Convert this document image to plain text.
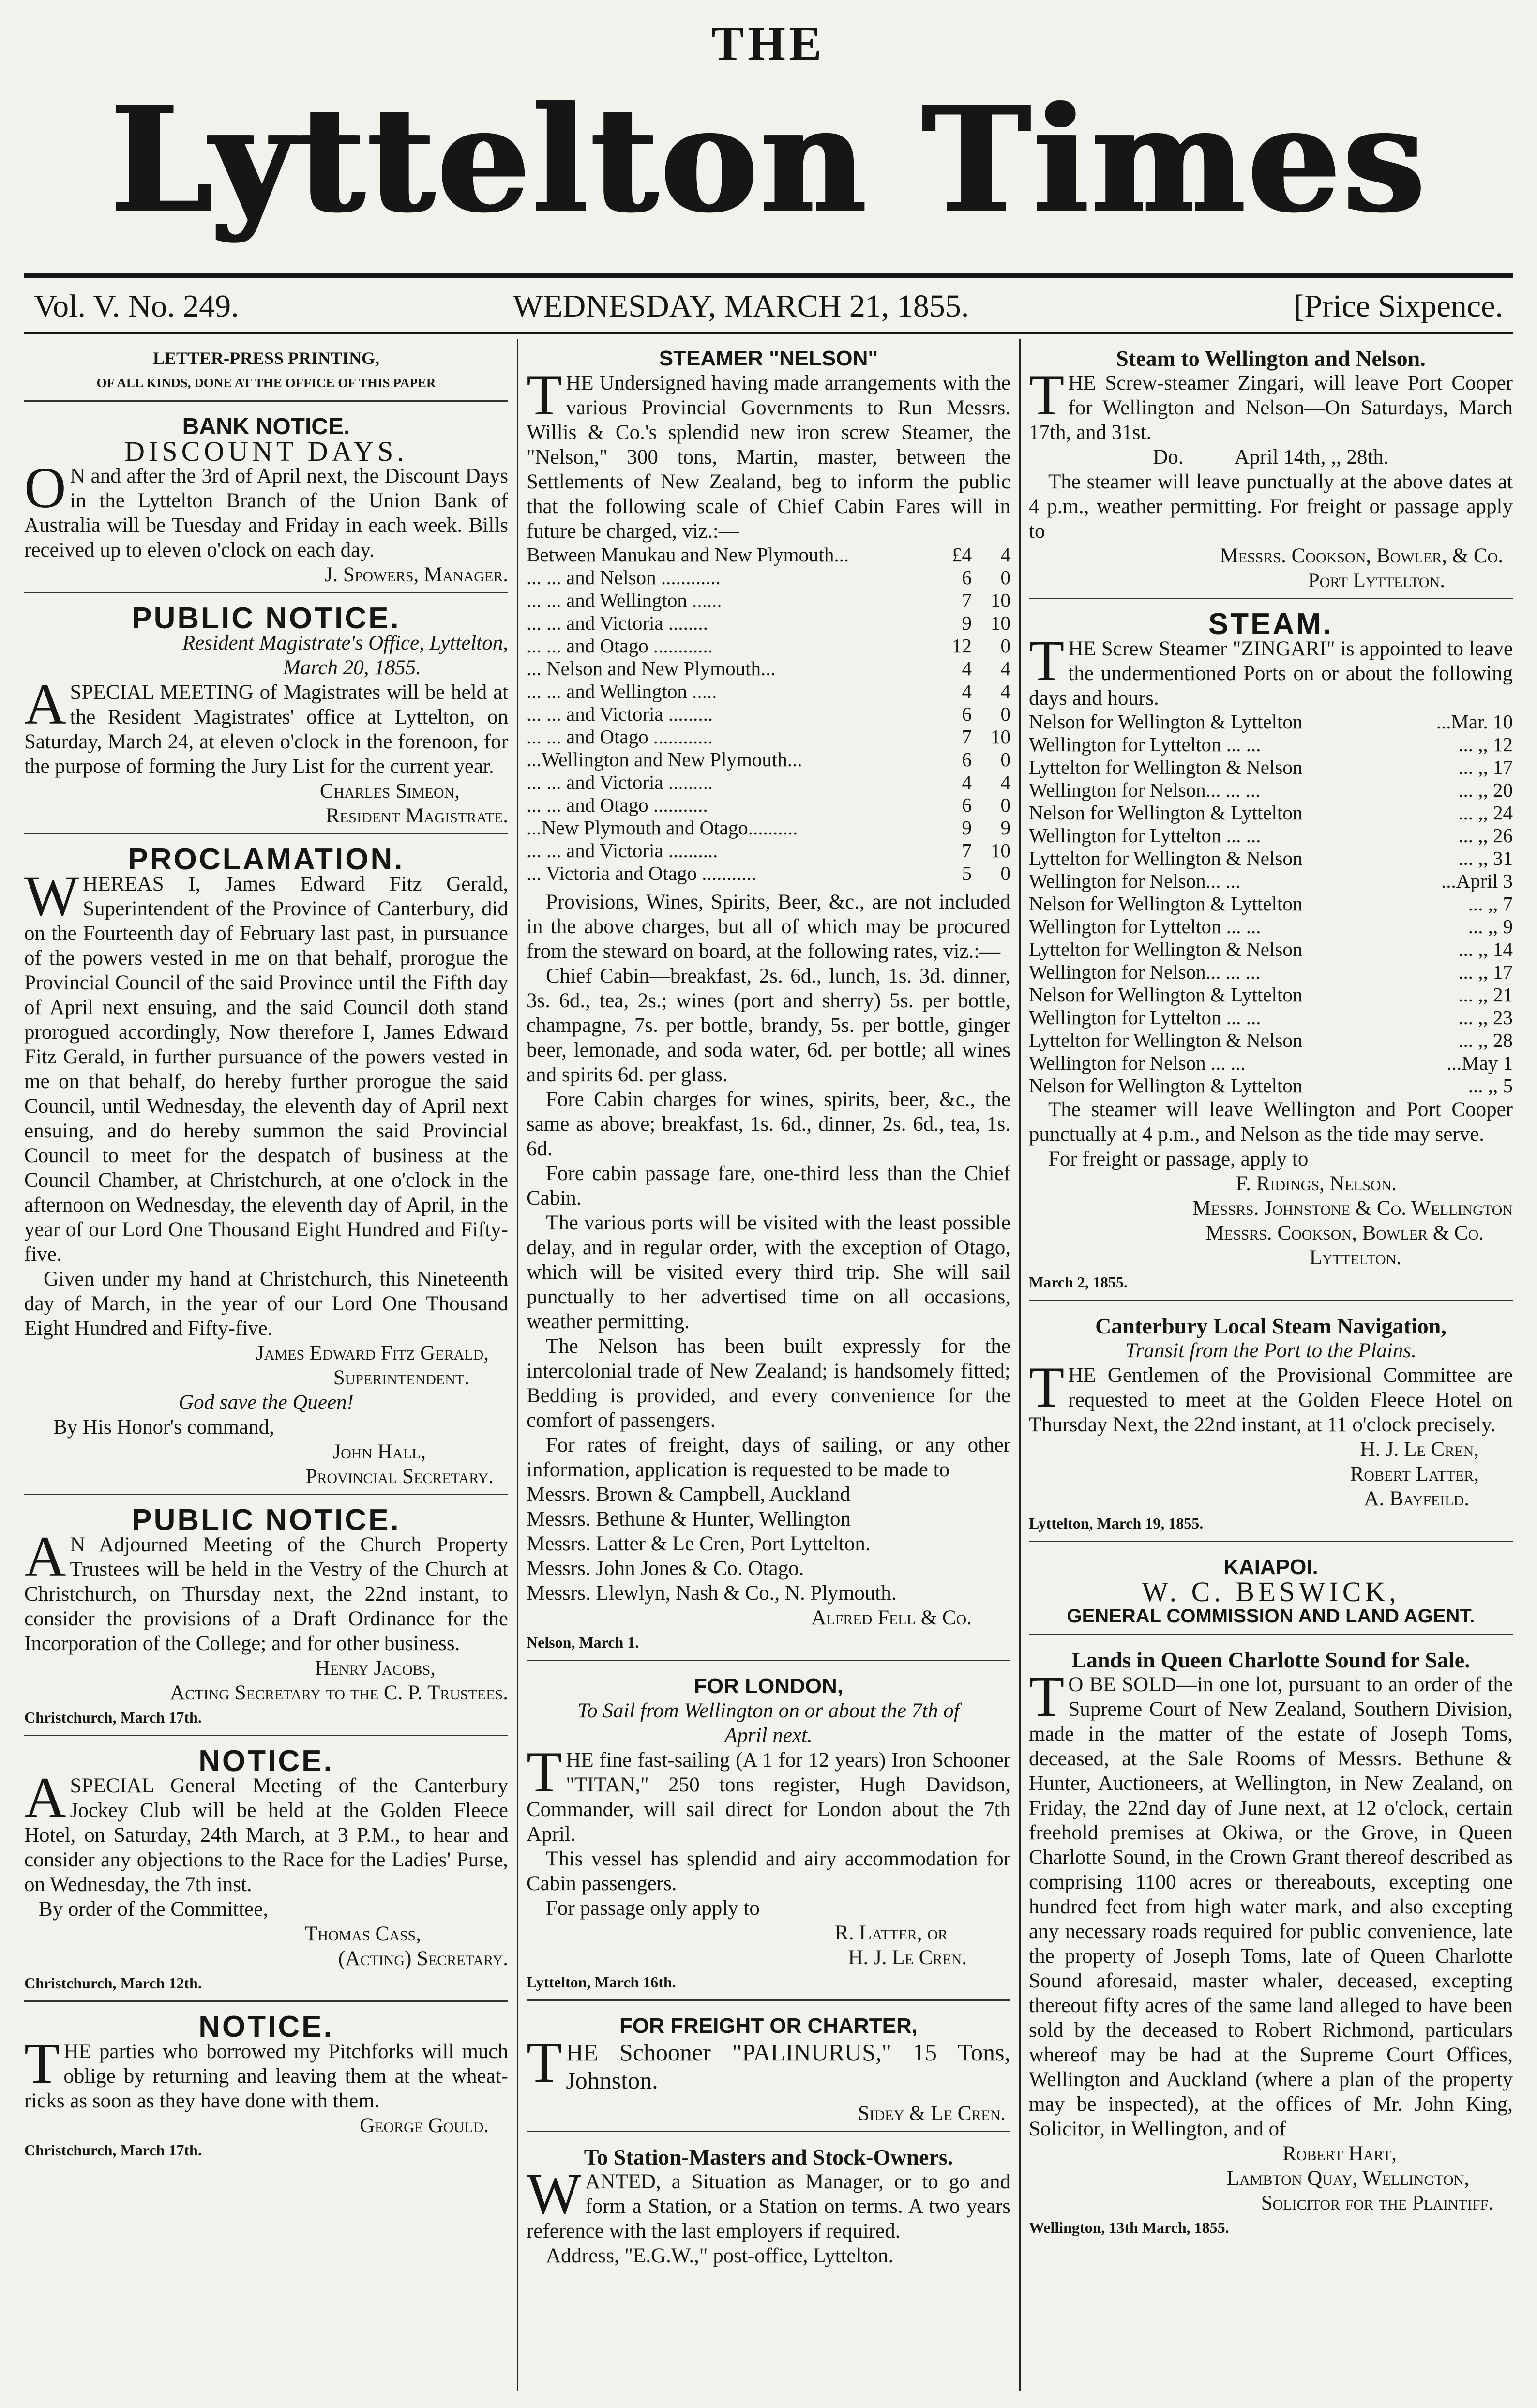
THE
Lyttelton Times
Vol. V. No. 249.	WEDNESDAY, MARCH 21, 1855.	[Price Sixpence.
LETTER-PRESS PRINTING,
OF ALL KINDS, DONE AT THE OFFICE OF THIS PAPER
BANK NOTICE.
DISCOUNT DAYS.

ON and after the 3rd of April next, the Discount Days in the Lyttelton Branch of the Union Bank of Australia will be Tuesday and Friday in each week. Bills received up to eleven o'clock on each day.

J. Spowers, Manager.
PUBLIC NOTICE.
Resident Magistrate's Office, Lyttelton,
March 20, 1855.

ASPECIAL MEETING of Magistrates will be held at the Resident Magistrates' office at Lyttelton, on Saturday, March 24, at eleven o'clock in the forenoon, for the purpose of forming the Jury List for the current year.

Charles Simeon,
Resident Magistrate.
PROCLAMATION.

WHEREAS I, James Edward Fitz Gerald, Superintendent of the Province of Canterbury, did on the Fourteenth day of February last past, in pursuance of the powers vested in me on that behalf, prorogue the Provincial Council of the said Province until the Fifth day of April next ensuing, and the said Council doth stand prorogued accordingly, Now therefore I, James Edward Fitz Gerald, in further pursuance of the powers vested in me on that behalf, do hereby further prorogue the said Council, until Wednesday, the eleventh day of April next ensuing, and do hereby summon the said Provincial Council to meet for the despatch of business at the Council Chamber, at Christchurch, at one o'clock in the afternoon on Wednesday, the eleventh day of April, in the year of our Lord One Thousand Eight Hundred and Fifty-five.

Given under my hand at Christchurch, this Nineteenth day of March, in the year of our Lord One Thousand Eight Hundred and Fifty-five.

James Edward Fitz Gerald,
Superintendent.
God save the Queen!
By His Honor's command,
John Hall,
Provincial Secretary.
PUBLIC NOTICE.

AN Adjourned Meeting of the Church Property Trustees will be held in the Vestry of the Church at Christchurch, on Thursday next, the 22nd instant, to consider the provisions of a Draft Ordinance for the Incorporation of the College; and for other business.

Henry Jacobs,
Acting Secretary to the C. P. Trustees.
Christchurch, March 17th.
NOTICE.

ASPECIAL General Meeting of the Canterbury Jockey Club will be held at the Golden Fleece Hotel, on Saturday, 24th March, at 3 P.M., to hear and consider any objections to the Race for the Ladies' Purse, on Wednesday, the 7th inst.

By order of the Committee,
Thomas Cass,
(Acting) Secretary.
Christchurch, March 12th.
NOTICE.

THE parties who borrowed my Pitchforks will much oblige by returning and leaving them at the wheat-ricks as soon as they have done with them.

George Gould.
Christchurch, March 17th.
STEAMER "NELSON"

THE Undersigned having made arrangements with the various Provincial Governments to Run Messrs. Willis & Co.'s splendid new iron screw Steamer, the "Nelson," 300 tons, Martin, master, between the Settlements of New Zealand, beg to inform the public that the following scale of Chief Cabin Fares will in future be charged, viz.:—

Between Manukau and New Plymouth...	£4	4
... ... and Nelson ............	6	0
... ... and Wellington ......	7	10
... ... and Victoria ........	9	10
... ... and Otago ............	12	0
... Nelson and New Plymouth...	4	4
... ... and Wellington .....	4	4
... ... and Victoria .........	6	0
... ... and Otago ............	7	10
...Wellington and New Plymouth...	6	0
... ... and Victoria .........	4	4
... ... and Otago ...........	6	0
...New Plymouth and Otago..........	9	9
... ... and Victoria ..........	7	10
... Victoria and Otago ...........	5	0

Provisions, Wines, Spirits, Beer, &c., are not included in the above charges, but all of which may be procured from the steward on board, at the following rates, viz.:—

Chief Cabin—breakfast, 2s. 6d., lunch, 1s. 3d. dinner, 3s. 6d., tea, 2s.; wines (port and sherry) 5s. per bottle, champagne, 7s. per bottle, brandy, 5s. per bottle, ginger beer, lemonade, and soda water, 6d. per bottle; all wines and spirits 6d. per glass.

Fore Cabin charges for wines, spirits, beer, &c., the same as above; breakfast, 1s. 6d., dinner, 2s. 6d., tea, 1s. 6d.

Fore cabin passage fare, one-third less than the Chief Cabin.

The various ports will be visited with the least possible delay, and in regular order, with the exception of Otago, which will be visited every third trip. She will sail punctually to her advertised time on all occasions, weather permitting.

The Nelson has been built expressly for the intercolonial trade of New Zealand; is handsomely fitted; Bedding is provided, and every convenience for the comfort of passengers.

For rates of freight, days of sailing, or any other information, application is requested to be made to

Messrs. Brown & Campbell, Auckland
Messrs. Bethune & Hunter, Wellington
Messrs. Latter & Le Cren, Port Lyttelton.
Messrs. John Jones & Co. Otago.
Messrs. Llewlyn, Nash & Co., N. Plymouth.
Alfred Fell & Co.
Nelson, March 1.
FOR LONDON,
To Sail from Wellington on or about the 7th of
April next.

THE fine fast-sailing (A 1 for 12 years) Iron Schooner "TITAN," 250 tons register, Hugh Davidson, Commander, will sail direct for London about the 7th April.

This vessel has splendid and airy accommodation for Cabin passengers.

For passage only apply to

R. Latter, or
H. J. Le Cren.
Lyttelton, March 16th.
FOR FREIGHT OR CHARTER,

THE Schooner "PALINURUS," 15 Tons, Johnston.

Sidey & Le Cren.
To Station-Masters and Stock-Owners.

WANTED, a Situation as Manager, or to go and form a Station, or a Station on terms. A two years reference with the last employers if required.

Address, "E.G.W.," post-office, Lyttelton.
Steam to Wellington and Nelson.

THE Screw-steamer Zingari, will leave Port Cooper for Wellington and Nelson—On Saturdays, March 17th, and 31st.

Do.          April 14th, ,, 28th.

The steamer will leave punctually at the above dates at 4 p.m., weather permitting. For freight or passage apply to

Messrs. Cookson, Bowler, & Co.
Port Lyttelton.
STEAM.

THE Screw Steamer "ZINGARI" is appointed to leave the undermentioned Ports on or about the following days and hours.

Nelson for Wellington & Lyttelton	...Mar. 10
Wellington for Lyttelton ... ...	... ,, 12
Lyttelton for Wellington & Nelson	... ,, 17
Wellington for Nelson... ... ...	... ,, 20
Nelson for Wellington & Lyttelton	... ,, 24
Wellington for Lyttelton ... ...	... ,, 26
Lyttelton for Wellington & Nelson	... ,, 31
Wellington for Nelson... ...	...April 3
Nelson for Wellington & Lyttelton	... ,, 7
Wellington for Lyttelton ... ...	... ,, 9
Lyttelton for Wellington & Nelson	... ,, 14
Wellington for Nelson... ... ...	... ,, 17
Nelson for Wellington & Lyttelton	... ,, 21
Wellington for Lyttelton ... ...	... ,, 23
Lyttelton for Wellington & Nelson	... ,, 28
Wellington for Nelson ... ...	...May 1
Nelson for Wellington & Lyttelton	... ,, 5

The steamer will leave Wellington and Port Cooper punctually at 4 p.m., and Nelson as the tide may serve.

For freight or passage, apply to

F. Ridings, Nelson.
Messrs. Johnstone & Co. Wellington
Messrs. Cookson, Bowler & Co.
Lyttelton.
March 2, 1855.
Canterbury Local Steam Navigation,
Transit from the Port to the Plains.

THE Gentlemen of the Provisional Committee are requested to meet at the Golden Fleece Hotel on Thursday Next, the 22nd instant, at 11 o'clock precisely.

H. J. Le Cren,
Robert Latter,
A. Bayfeild.
Lyttelton, March 19, 1855.
KAIAPOI.
W. C. BESWICK,
GENERAL COMMISSION AND LAND AGENT.
Lands in Queen Charlotte Sound for Sale.

TO BE SOLD—in one lot, pursuant to an order of the Supreme Court of New Zealand, Southern Division, made in the matter of the estate of Joseph Toms, deceased, at the Sale Rooms of Messrs. Bethune & Hunter, Auctioneers, at Wellington, in New Zealand, on Friday, the 22nd day of June next, at 12 o'clock, certain freehold premises at Okiwa, or the Grove, in Queen Charlotte Sound, in the Crown Grant thereof described as comprising 1100 acres or thereabouts, excepting one hundred feet from high water mark, and also excepting any necessary roads required for public convenience, late the property of Joseph Toms, late of Queen Charlotte Sound aforesaid, master whaler, deceased, excepting thereout fifty acres of the same land alleged to have been sold by the deceased to Robert Richmond, particulars whereof may be had at the Supreme Court Offices, Wellington and Auckland (where a plan of the property may be inspected), at the offices of Mr. John King, Solicitor, in Wellington, and of

Robert Hart,
Lambton Quay, Wellington,
Solicitor for the Plaintiff.
Wellington, 13th March, 1855.
